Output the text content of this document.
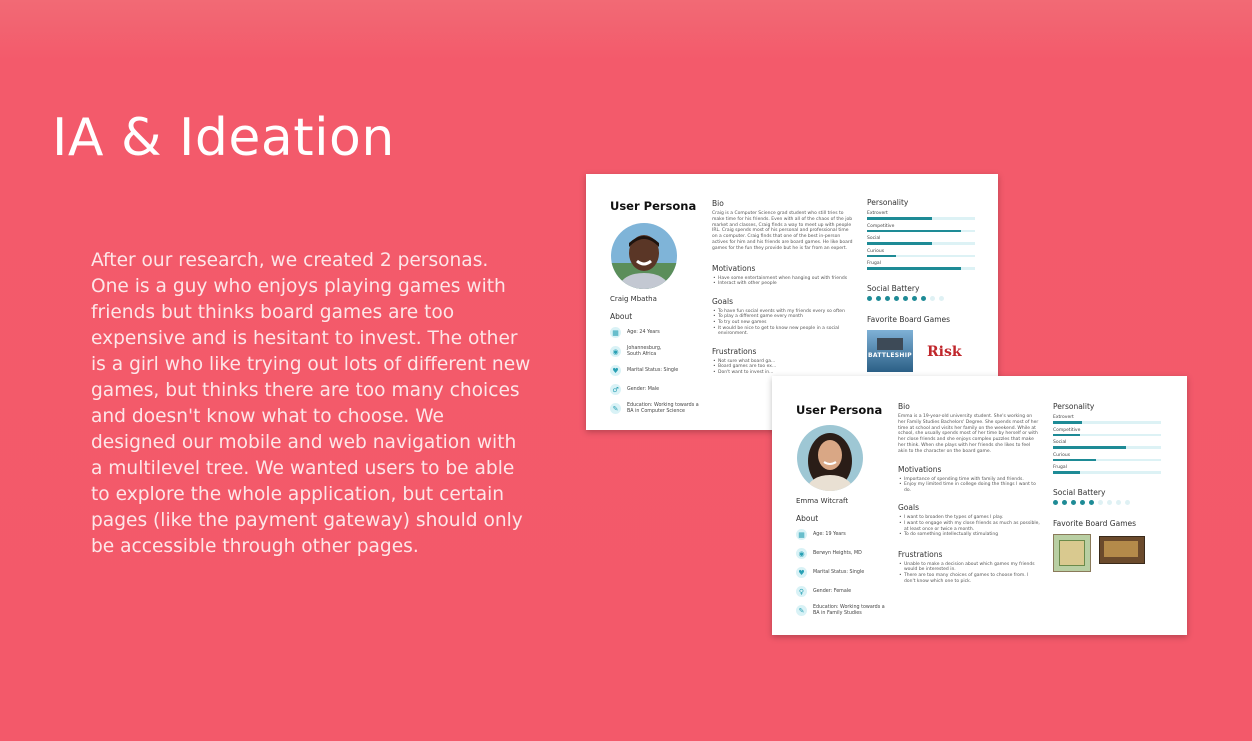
IA & Ideation
After our research, we created 2 personas. One is a guy who enjoys playing games with friends but thinks board games are too expensive and is hesitant to invest. The other is a girl who like trying out lots of different new games, but thinks there are too many choices and doesn't know what to choose. We designed our mobile and web navigation with a multilevel tree. We wanted users to be able to explore the whole application, but certain pages (like the payment gateway) should only be accessible through other pages.
User Persona
Craig Mbatha
About
▦	Age: 24 Years
◉	Johannesburg, South Africa
♥	Marital Status: Single
♂	Gender: Male
✎	Education: Working towards a BA in Computer Science
Bio
Craig is a Computer Science grad student who still tries to make time for his friends. Even with all of the chaos of the job market and classes, Craig finds a way to meet up with people IRL. Craig spends most of his personal and professional time on a computer. Craig finds that one of the best in-person actives for him and his friends are board games. He like board games for the fun they provide but he is far from an expert.
Motivations
• Have some entertainment when hanging out with friends
• Interact with other people
Goals
• To have fun social events with my friends every so often
• To play a different game every month
• To try out new games
• It would be nice to get to know new people in a social environment.
Frustrations
• Not sure what board ga...
• Board games are too ex...
• Don't want to invest in...
Personality
Extrovert
Competitive
Social
Curious
Frugal
Social Battery
Favorite Board Games
BATTLESHIP Risk
User Persona
Emma Witcraft
About
▦	Age: 19 Years
◉	Berwyn Heights, MD
♥	Marital Status: Single
♀	Gender: Female
✎	Education: Working towards a BA in Family Studies
Bio
Emma is a 19-year-old university student. She's working on her Family Studies Bachelors' Degree. She spends most of her time at school and visits her family on the weekend. While at school, she usually spends most of her time by herself or with her close friends and she enjoys complex puzzles that make her think. When she plays with her friends she likes to feel akin to the character on the board game.
Motivations
• Importance of spending time with family and friends.
• Enjoy my limited time in college doing the things I want to do.
Goals
• I want to broaden the types of games I play.
• I want to engage with my close friends as much as possible, at least once or twice a month.
• To do something intellectually stimulating
Frustrations
• Unable to make a decision about which games my friends would be interested in.
• There are too many choices of games to choose from. I don't know which one to pick.
Personality
Extrovert
Competitive
Social
Curious
Frugal
Social Battery
Favorite Board Games
